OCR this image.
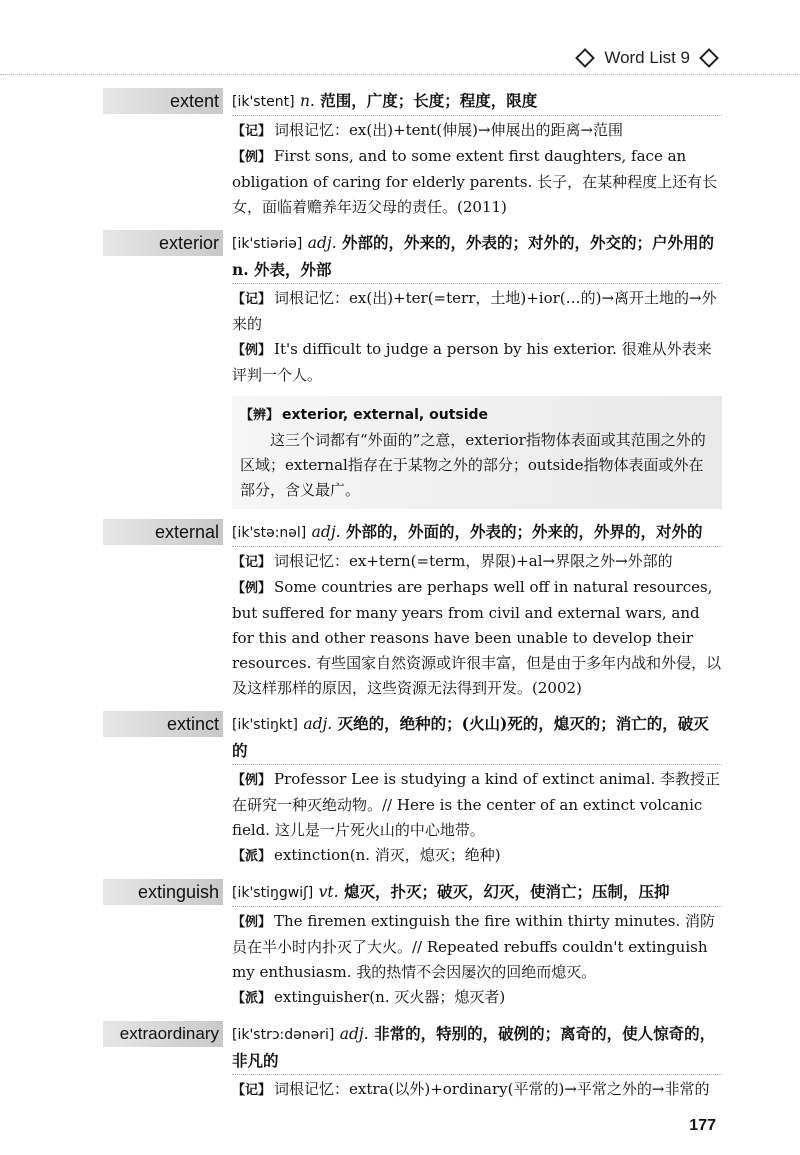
Word List 9
extent [ik'stent] n. 范围，广度；长度；程度，限度
【记】 词根记忆：ex(出)+tent(伸展)→伸展出的距离→范围
【例】 First sons, and to some extent first daughters, face an obligation of caring for elderly parents. 长子，在某种程度上还有长女，面临着赡养年迈父母的责任。(2011)
exterior [ik'stiəriə] adj. 外部的，外来的，外表的；对外的，外交的；户外用的 n. 外表，外部
【记】 词根记忆：ex(出)+ter(=terr，土地)+ior(…的)→离开土地的→外来的
【例】 It's difficult to judge a person by his exterior. 很难从外表来评判一个人。
【辨】 exterior, external, outside
这三个词都有“外面的”之意，exterior指物体表面或其范围之外的区域；external指存在于某物之外的部分；outside指物体表面或外在部分，含义最广。
external [ik'stə:nəl] adj. 外部的，外面的，外表的；外来的，外界的，对外的
【记】 词根记忆：ex+tern(=term，界限)+al→界限之外→外部的
【例】 Some countries are perhaps well off in natural resources, but suffered for many years from civil and external wars, and for this and other reasons have been unable to develop their resources. 有些国家自然资源或许很丰富，但是由于多年内战和外侵，以及这样那样的原因，这些资源无法得到开发。(2002)
extinct [ik'stiŋkt] adj. 灭绝的，绝种的；(火山)死的，熄灭的；消亡的，破灭的
【例】 Professor Lee is studying a kind of extinct animal. 李教授正在研究一种灭绝动物。// Here is the center of an extinct volcanic field. 这儿是一片死火山的中心地带。
【派】 extinction(n. 消灭，熄灭；绝种)
extinguish [ik'stiŋgwiʃ] vt. 熄灭，扑灭；破灭，幻灭，使消亡；压制，压抑
【例】 The firemen extinguish the fire within thirty minutes. 消防员在半小时内扑灭了大火。// Repeated rebuffs couldn't extinguish my enthusiasm. 我的热情不会因屡次的回绝而熄灭。
【派】 extinguisher(n. 灭火器；熄灭者)
extraordinary [ik'strɔ:dənəri] adj. 非常的，特别的，破例的；离奇的，使人惊奇的，非凡的
【记】 词根记忆：extra(以外)+ordinary(平常的)→平常之外的→非常的
177
